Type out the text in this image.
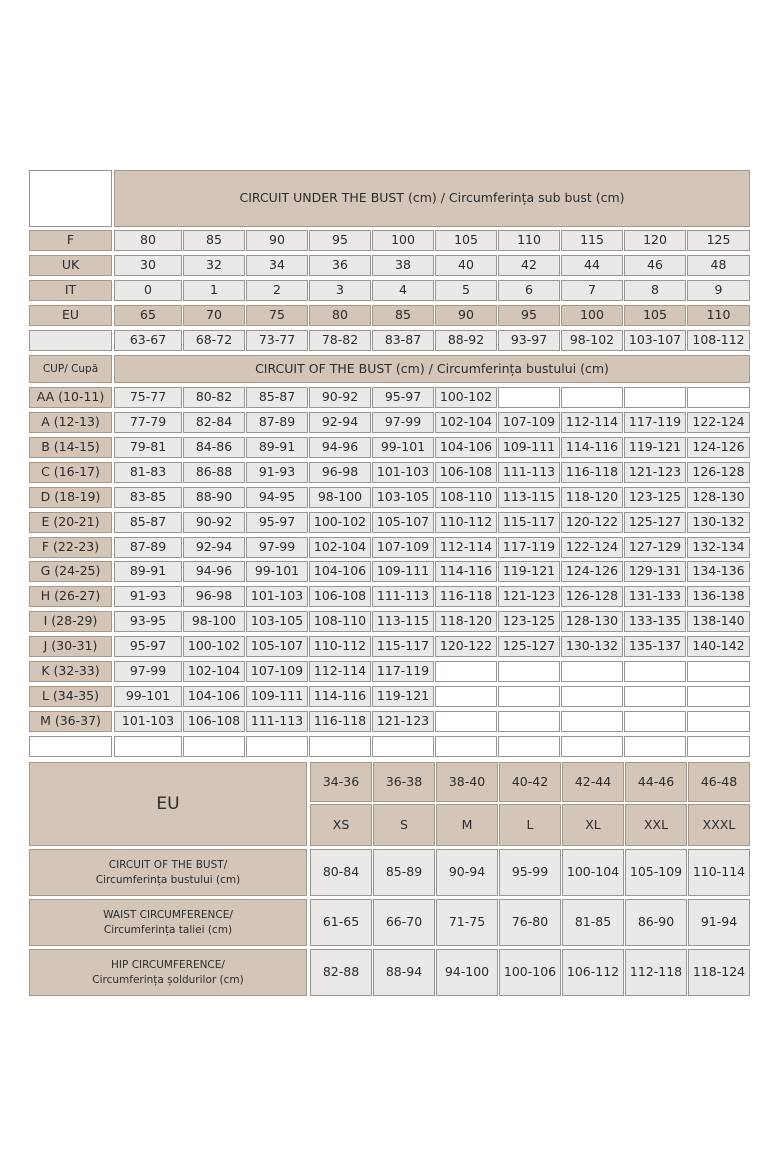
CIRCUIT UNDER THE BUST (cm) / Circumferința sub bust (cm)
F	80	85	90	95	100	105	110	115	120	125
UK	30	32	34	36	38	40	42	44	46	48
IT	0	1	2	3	4	5	6	7	8	9
EU	65	70	75	80	85	90	95	100	105	110
63-67	68-72	73-77	78-82	83-87	88-92	93-97	98-102	103-107 108-112
CUP/ Cupă	CIRCUIT OF THE BUST (cm) / Circumferința bustului (cm)
AA (10-11)	75-77	80-82	85-87	90-92	95-97	100-102
A (12-13)	77-79	82-84	87-89	92-94	97-99	102-104 107-109 112-114 117-119 122-124
B (14-15)	79-81	84-86	89-91	94-96	99-101	104-106 109-111 114-116 119-121 124-126
C (16-17)	81-83	86-88	91-93	96-98	101-103 106-108 111-113 116-118 121-123 126-128
D (18-19)	83-85	88-90	94-95	98-100	103-105 108-110 113-115 118-120 123-125 128-130
E (20-21)	85-87	90-92	95-97	100-102 105-107 110-112 115-117 120-122 125-127 130-132
F (22-23)	87-89	92-94	97-99	102-104 107-109 112-114 117-119 122-124 127-129 132-134
G (24-25)	89-91	94-96	99-101	104-106 109-111 114-116 119-121 124-126 129-131 134-136
H (26-27)	91-93	96-98	101-103 106-108 111-113 116-118 121-123 126-128 131-133 136-138
I (28-29)	93-95	98-100	103-105 108-110 113-115 118-120 123-125 128-130 133-135 138-140
J (30-31)	95-97	100-102 105-107 110-112 115-117 120-122 125-127 130-132 135-137 140-142
K (32-33)	97-99	102-104 107-109 112-114 117-119
L (34-35)	99-101	104-106 109-111 114-116 119-121
M (36-37)	101-103	106-108 111-113 116-118 121-123
EU
34-36	36-38	38-40	40-42	42-44	44-46	46-48
XS	S	M	L	XL	XXL	XXXL
CIRCUIT OF THE BUST/
Circumferința bustului (cm)
80-84	85-89	90-94	95-99	100-104 105-109 110-114
WAIST CIRCUMFERENCE/
Circumferința taliei (cm)
61-65	66-70	71-75	76-80	81-85	86-90	91-94
HIP CIRCUMFERENCE/
Circumferința șoldurilor (cm)
82-88	88-94	94-100	100-106 106-112 112-118 118-124
